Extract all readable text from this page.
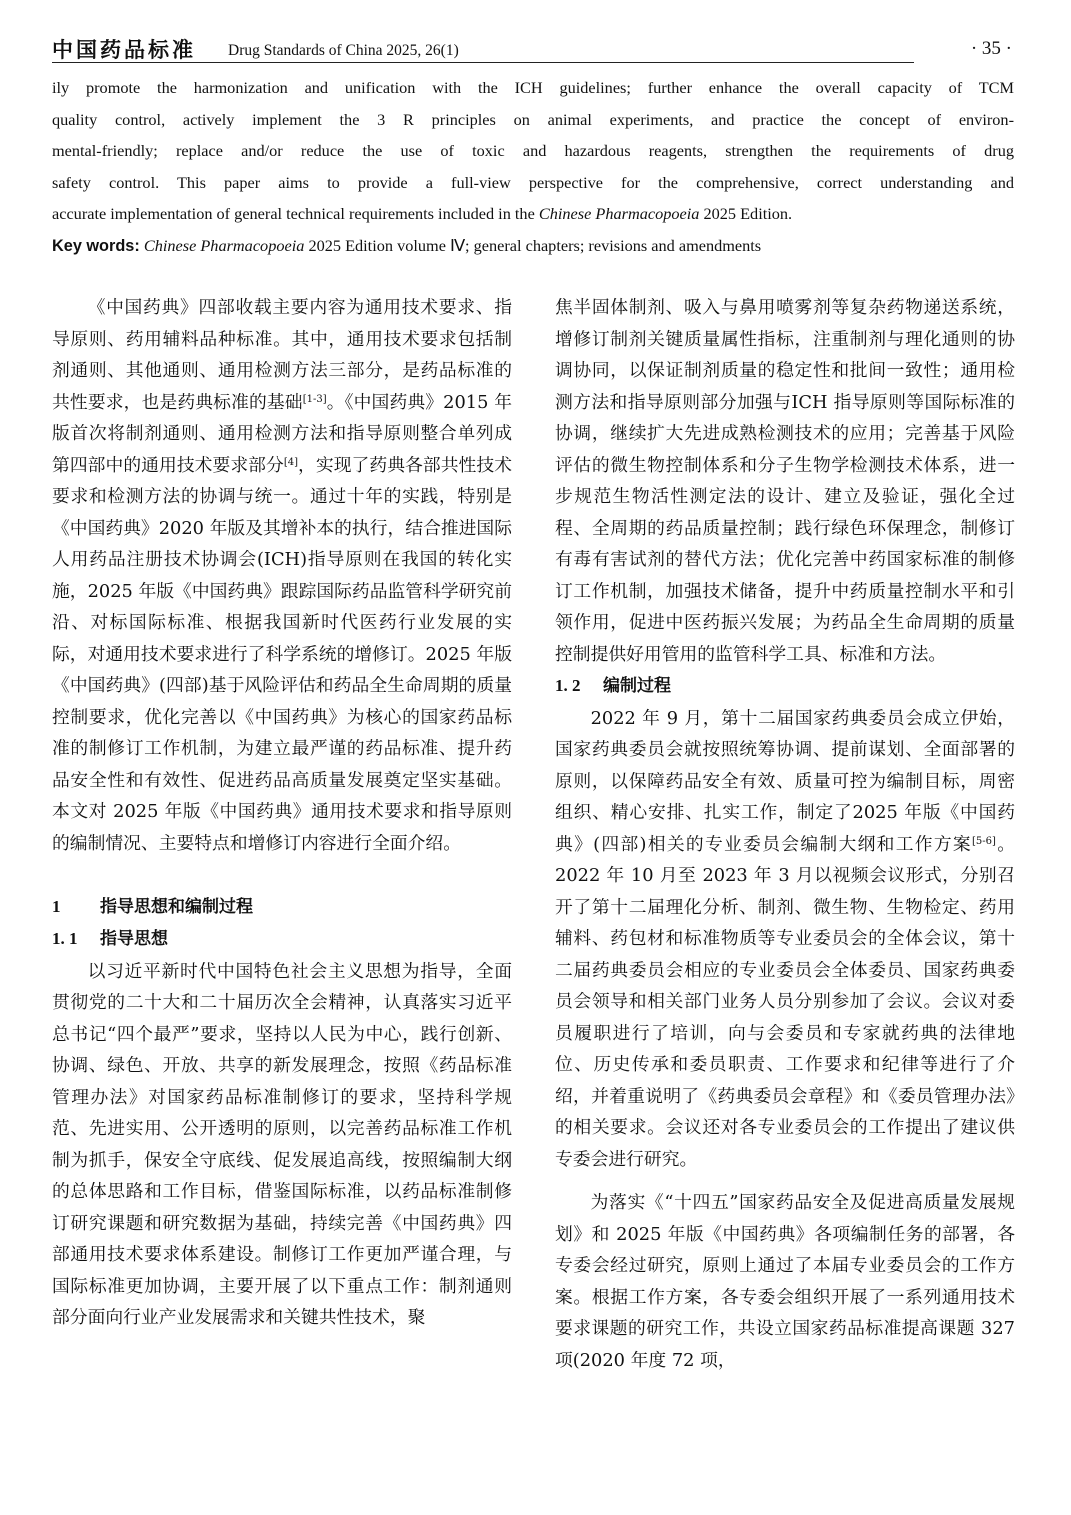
中国药品标准 Drug Standards of China 2025, 26(1)	· 35 ·
ily promote the harmonization and unification with the ICH guidelines; further enhance the overall capacity of TCM
quality control, actively implement the 3 R principles on animal experiments, and practice the concept of environ-
mental-friendly; replace and/or reduce the use of toxic and hazardous reagents, strengthen the requirements of drug
safety control. This paper aims to provide a full-view perspective for the comprehensive, correct understanding and
accurate implementation of general technical requirements included in the Chinese Pharmacopoeia 2025 Edition.
Key words: Chinese Pharmacopoeia 2025 Edition volume Ⅳ; general chapters; revisions and amendments

《中国药典》四部收载主要内容为通用技术要求、指导原则、药用辅料品种标准。其中，通用技术要求包括制剂通则、其他通则、通用检测方法三部分，是药品标准的共性要求，也是药典标准的基础[1-3]。《中国药典》2015 年版首次将制剂通则、通用检测方法和指导原则整合单列成第四部中的通用技术要求部分[4]，实现了药典各部共性技术要求和检测方法的协调与统一。通过十年的实践，特别是《中国药典》2020 年版及其增补本的执行，结合推进国际人用药品注册技术协调会(ICH)指导原则在我国的转化实施，2025 年版《中国药典》跟踪国际药品监管科学研究前沿、对标国际标准、根据我国新时代医药行业发展的实际，对通用技术要求进行了科学系统的增修订。2025 年版《中国药典》(四部)基于风险评估和药品全生命周期的质量控制要求，优化完善以《中国药典》为核心的国家药品标准的制修订工作机制，为建立最严谨的药品标准、提升药品安全性和有效性、促进药品高质量发展奠定坚实基础。本文对 2025 年版《中国药典》通用技术要求和指导原则的编制情况、主要特点和增修订内容进行全面介绍。

1 指导思想和编制过程
1. 1 指导思想

以习近平新时代中国特色社会主义思想为指导，全面贯彻党的二十大和二十届历次全会精神，认真落实习近平总书记“四个最严”要求，坚持以人民为中心，践行创新、协调、绿色、开放、共享的新发展理念，按照《药品标准管理办法》对国家药品标准制修订的要求，坚持科学规范、先进实用、公开透明的原则，以完善药品标准工作机制为抓手，保安全守底线、促发展追高线，按照编制大纲的总体思路和工作目标，借鉴国际标准，以药品标准制修订研究课题和研究数据为基础，持续完善《中国药典》四部通用技术要求体系建设。制修订工作更加严谨合理，与国际标准更加协调，主要开展了以下重点工作：制剂通则部分面向行业产业发展需求和关键共性技术，聚

焦半固体制剂、吸入与鼻用喷雾剂等复杂药物递送系统，增修订制剂关键质量属性指标，注重制剂与理化通则的协调协同，以保证制剂质量的稳定性和批间一致性；通用检测方法和指导原则部分加强与ICH 指导原则等国际标准的协调，继续扩大先进成熟检测技术的应用；完善基于风险评估的微生物控制体系和分子生物学检测技术体系，进一步规范生物活性测定法的设计、建立及验证，强化全过程、全周期的药品质量控制；践行绿色环保理念，制修订有毒有害试剂的替代方法；优化完善中药国家标准的制修订工作机制，加强技术储备，提升中药质量控制水平和引领作用，促进中医药振兴发展；为药品全生命周期的质量控制提供好用管用的监管科学工具、标准和方法。

1. 2 编制过程

2022 年 9 月，第十二届国家药典委员会成立伊始，国家药典委员会就按照统筹协调、提前谋划、全面部署的原则，以保障药品安全有效、质量可控为编制目标，周密组织、精心安排、扎实工作，制定了2025 年版《中国药典》(四部)相关的专业委员会编制大纲和工作方案[5-6]。2022 年 10 月至 2023 年 3 月以视频会议形式，分别召开了第十二届理化分析、制剂、微生物、生物检定、药用辅料、药包材和标准物质等专业委员会的全体会议，第十二届药典委员会相应的专业委员会全体委员、国家药典委员会领导和相关部门业务人员分别参加了会议。会议对委员履职进行了培训，向与会委员和专家就药典的法律地位、历史传承和委员职责、工作要求和纪律等进行了介绍，并着重说明了《药典委员会章程》和《委员管理办法》的相关要求。会议还对各专业委员会的工作提出了建议供专委会进行研究。

为落实《“十四五”国家药品安全及促进高质量发展规划》和 2025 年版《中国药典》各项编制任务的部署，各专委会经过研究，原则上通过了本届专业委员会的工作方案。根据工作方案，各专委会组织开展了一系列通用技术要求课题的研究工作，共设立国家药品标准提高课题 327 项(2020 年度 72 项，
